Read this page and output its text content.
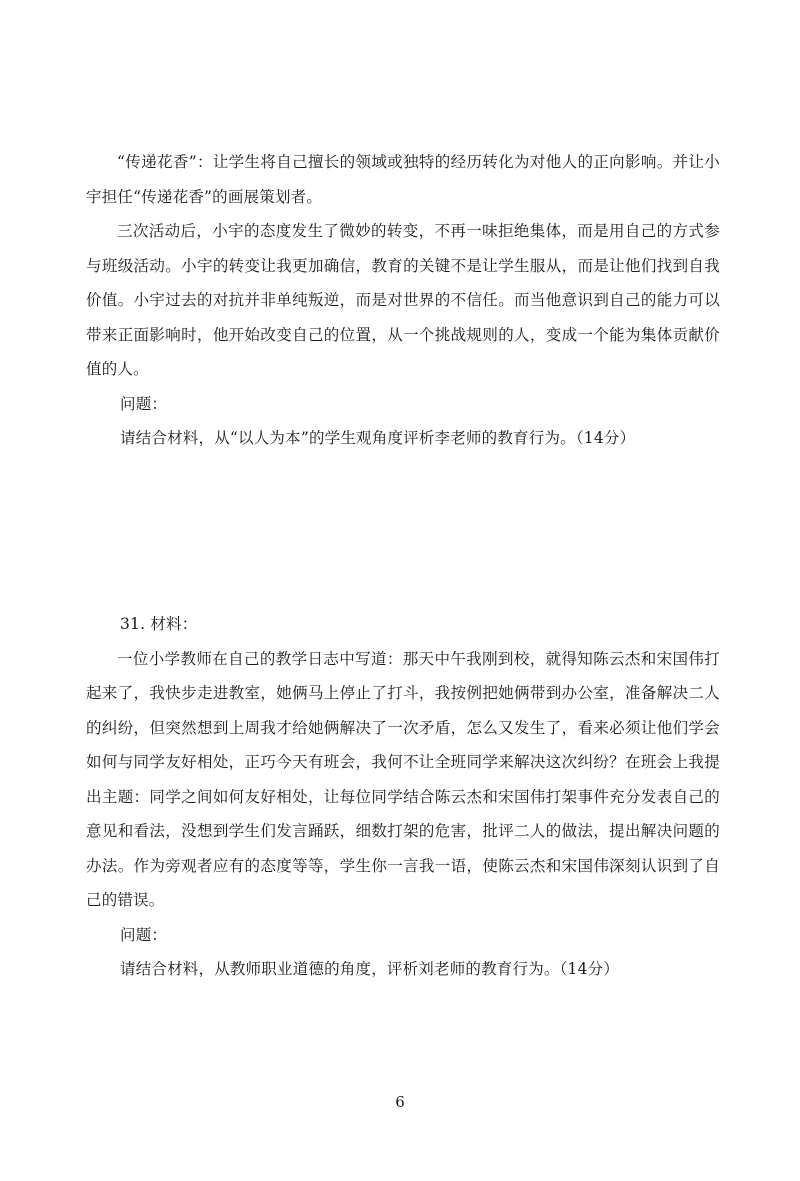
“传递花香”：让学生将自己擅长的领域或独特的经历转化为对他人的正向影响。并让小宇担任“传递花香”的画展策划者。

三次活动后，小宇的态度发生了微妙的转变，不再一味拒绝集体，而是用自己的方式参与班级活动。小宇的转变让我更加确信，教育的关键不是让学生服从，而是让他们找到自我价值。小宇过去的对抗并非单纯叛逆，而是对世界的不信任。而当他意识到自己的能力可以带来正面影响时，他开始改变自己的位置，从一个挑战规则的人，变成一个能为集体贡献价值的人。

问题：

请结合材料，从“以人为本”的学生观角度评析李老师的教育行为。（14分）

31. 材料：

一位小学教师在自己的教学日志中写道：那天中午我刚到校，就得知陈云杰和宋国伟打起来了，我快步走进教室，她俩马上停止了打斗，我按例把她俩带到办公室，准备解决二人的纠纷，但突然想到上周我才给她俩解决了一次矛盾，怎么又发生了，看来必须让他们学会如何与同学友好相处，正巧今天有班会，我何不让全班同学来解决这次纠纷？在班会上我提出主题：同学之间如何友好相处，让每位同学结合陈云杰和宋国伟打架事件充分发表自己的意见和看法，没想到学生们发言踊跃，细数打架的危害，批评二人的做法，提出解决问题的办法。作为旁观者应有的态度等等，学生你一言我一语，使陈云杰和宋国伟深刻认识到了自己的错误。

问题：

请结合材料，从教师职业道德的角度，评析刘老师的教育行为。（14分）

6
